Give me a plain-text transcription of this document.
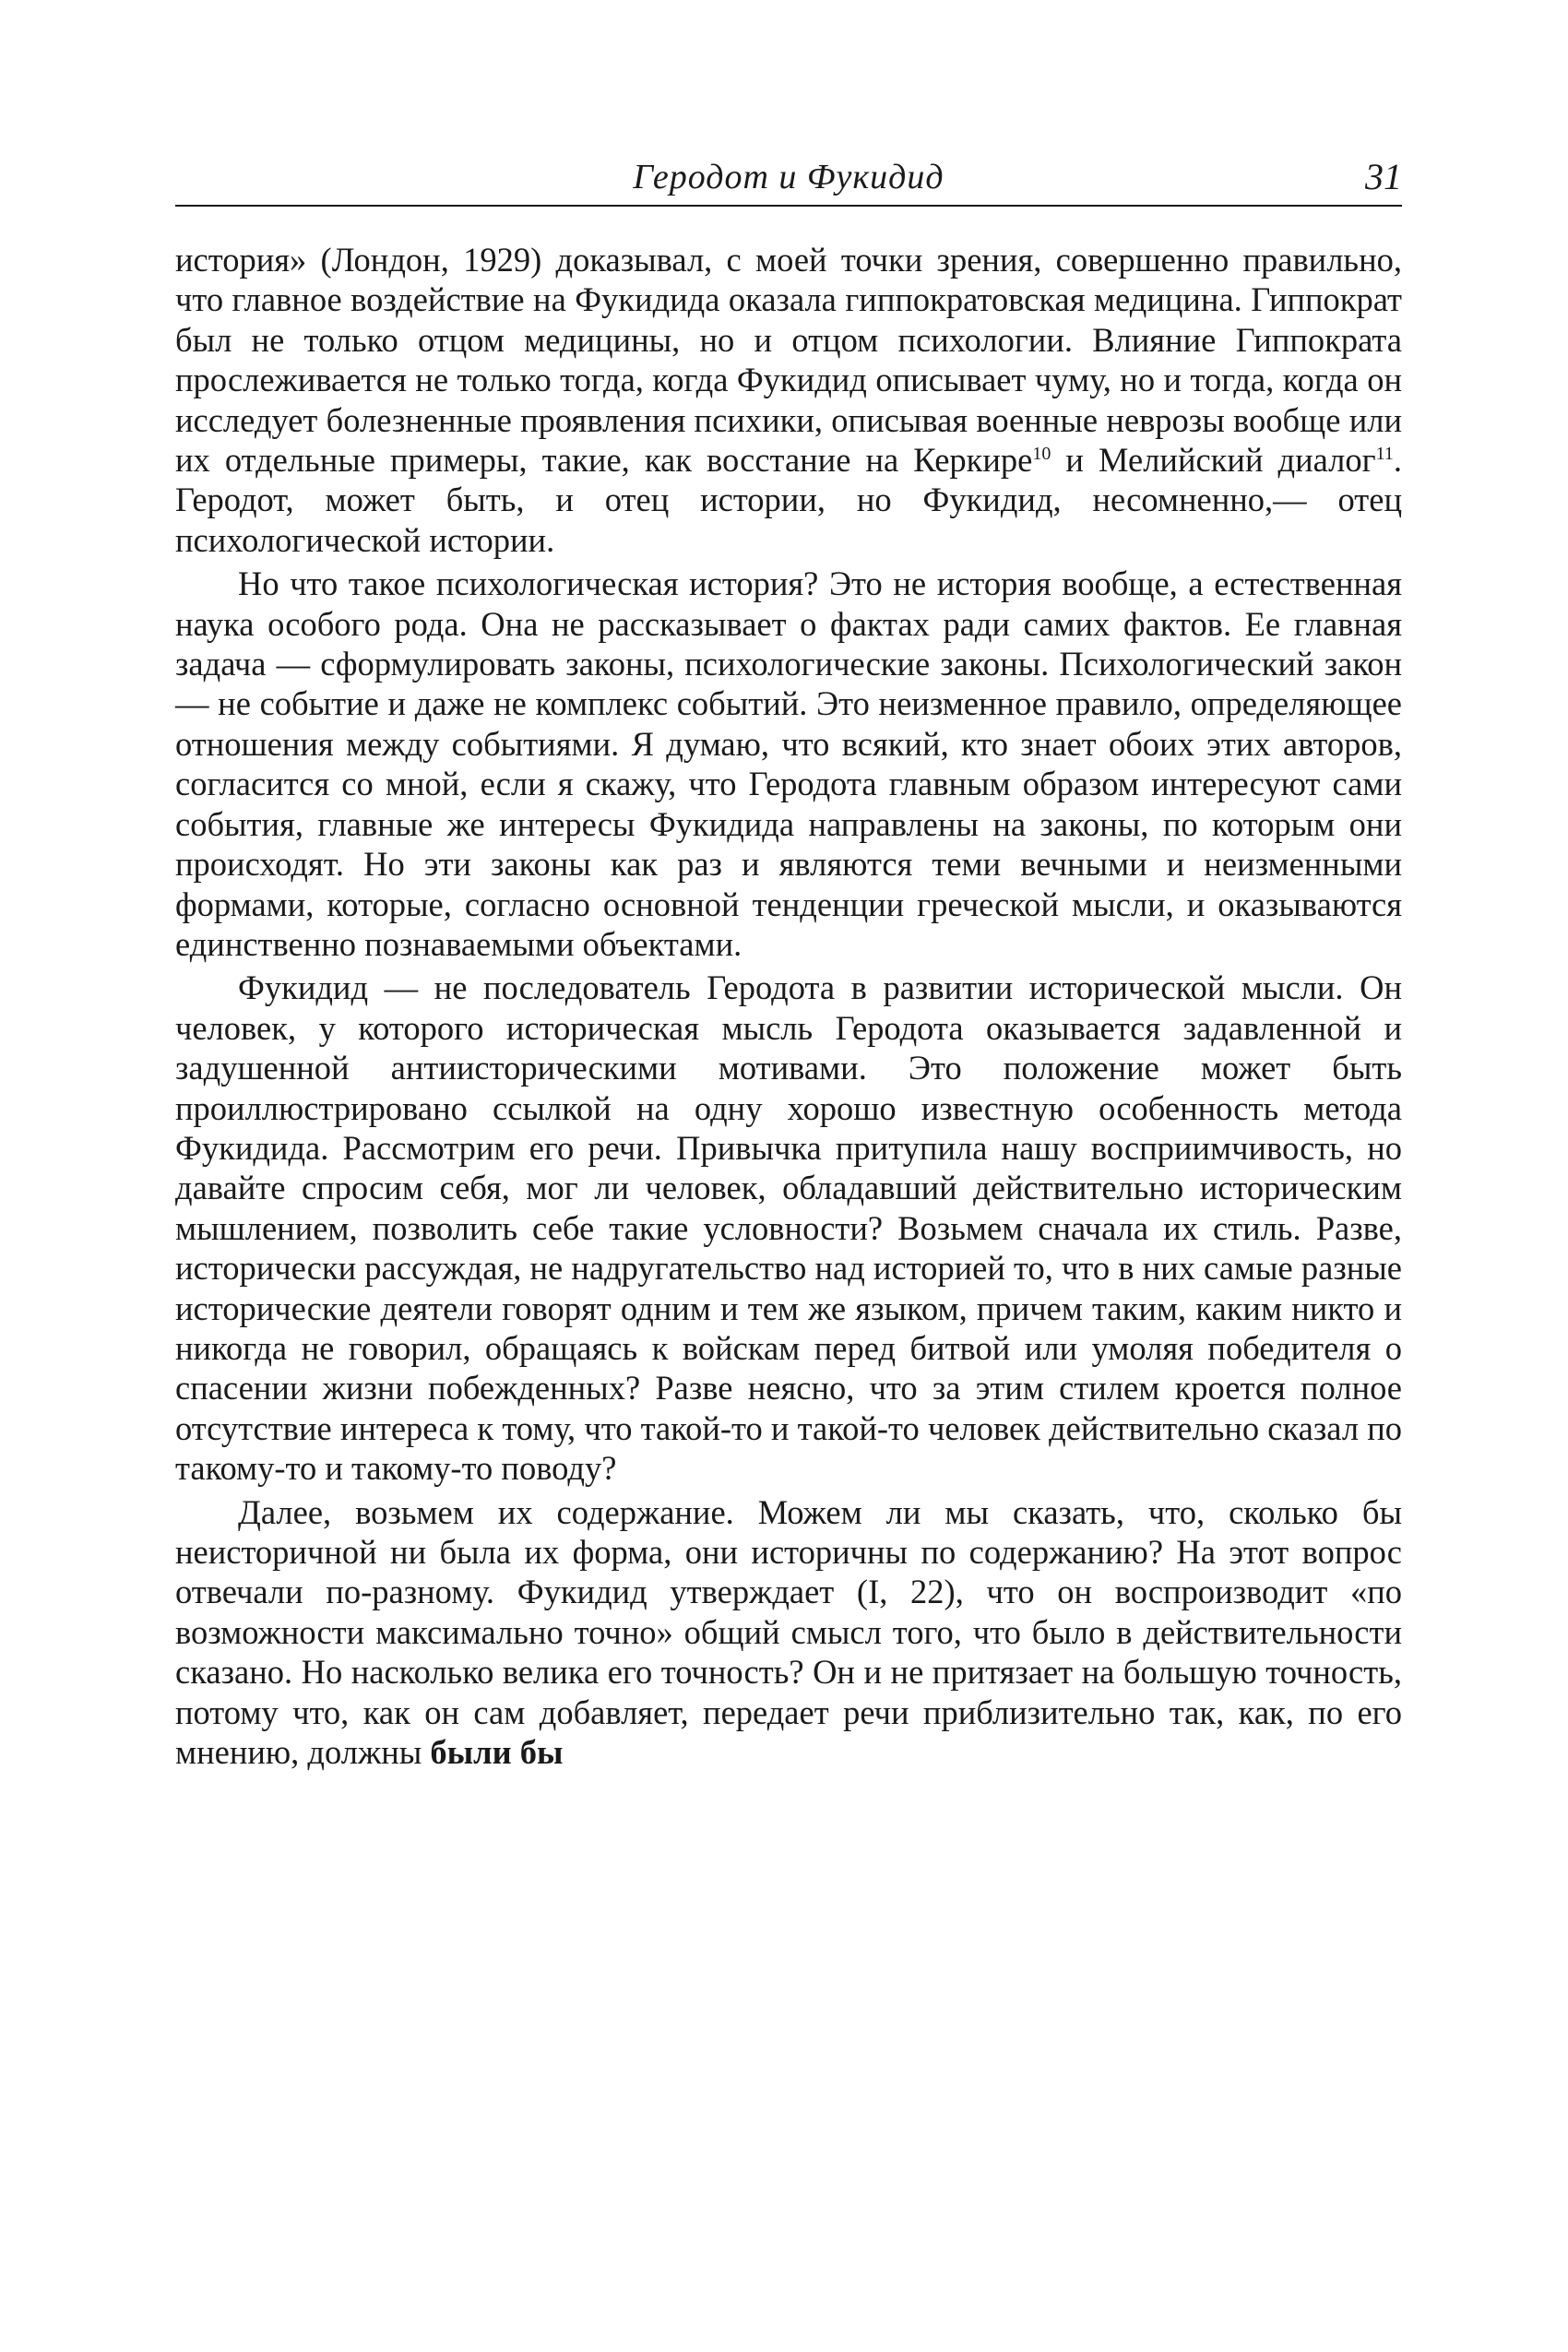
Геродот и Фукидид	31

история» (Лондон, 1929) доказывал, с моей точки зрения, совершенно правильно, что главное воздействие на Фукидида оказала гиппократовская медицина. Гиппократ был не только отцом медицины, но и отцом психологии. Влияние Гиппократа прослеживается не только тогда, когда Фукидид описывает чуму, но и тогда, когда он исследует болезненные проявления психики, описывая военные неврозы вообще или их отдельные примеры, такие, как восстание на Керкире$^{10}$ и Мелийский диалог$^{11}$. Геродот, может быть, и отец истории, но Фукидид, несомненно,— отец психологической истории.

Но что такое психологическая история? Это не история вообще, а естественная наука особого рода. Она не рассказывает о фактах ради самих фактов. Ее главная задача — сформулировать законы, психологические законы. Психологический закон — не событие и даже не комплекс событий. Это неизменное правило, определяющее отношения между событиями. Я думаю, что всякий, кто знает обоих этих авторов, согласится со мной, если я скажу, что Геродота главным образом интересуют сами события, главные же интересы Фукидида направлены на законы, по которым они происходят. Но эти законы как раз и являются теми вечными и неизменными формами, которые, согласно основной тенденции греческой мысли, и оказываются единственно познаваемыми объектами.

Фукидид — не последователь Геродота в развитии исторической мысли. Он человек, у которого историческая мысль Геродота оказывается задавленной и задушенной антиисторическими мотивами. Это положение может быть проиллюстрировано ссылкой на одну хорошо известную особенность метода Фукидида. Рассмотрим его речи. Привычка притупила нашу восприимчивость, но давайте спросим себя, мог ли человек, обладавший действительно историческим мышлением, позволить себе такие условности? Возьмем сначала их стиль. Разве, исторически рассуждая, не надругательство над историей то, что в них самые разные исторические деятели говорят одним и тем же языком, причем таким, каким никто и никогда не говорил, обращаясь к войскам перед битвой или умоляя победителя о спасении жизни побежденных? Разве неясно, что за этим стилем кроется полное отсутствие интереса к тому, что такой-то и такой-то человек действительно сказал по такому-то и такому-то поводу?

Далее, возьмем их содержание. Можем ли мы сказать, что, сколько бы неисторичной ни была их форма, они историчны по содержанию? На этот вопрос отвечали по-разному. Фукидид утверждает (I, 22), что он воспроизводит «по возможности максимально точно» общий смысл того, что было в действительности сказано. Но насколько велика его точность? Он и не притязает на большую точность, потому что, как он сам добавляет, передает речи приблизительно так, как, по его мнению, должны были бы
